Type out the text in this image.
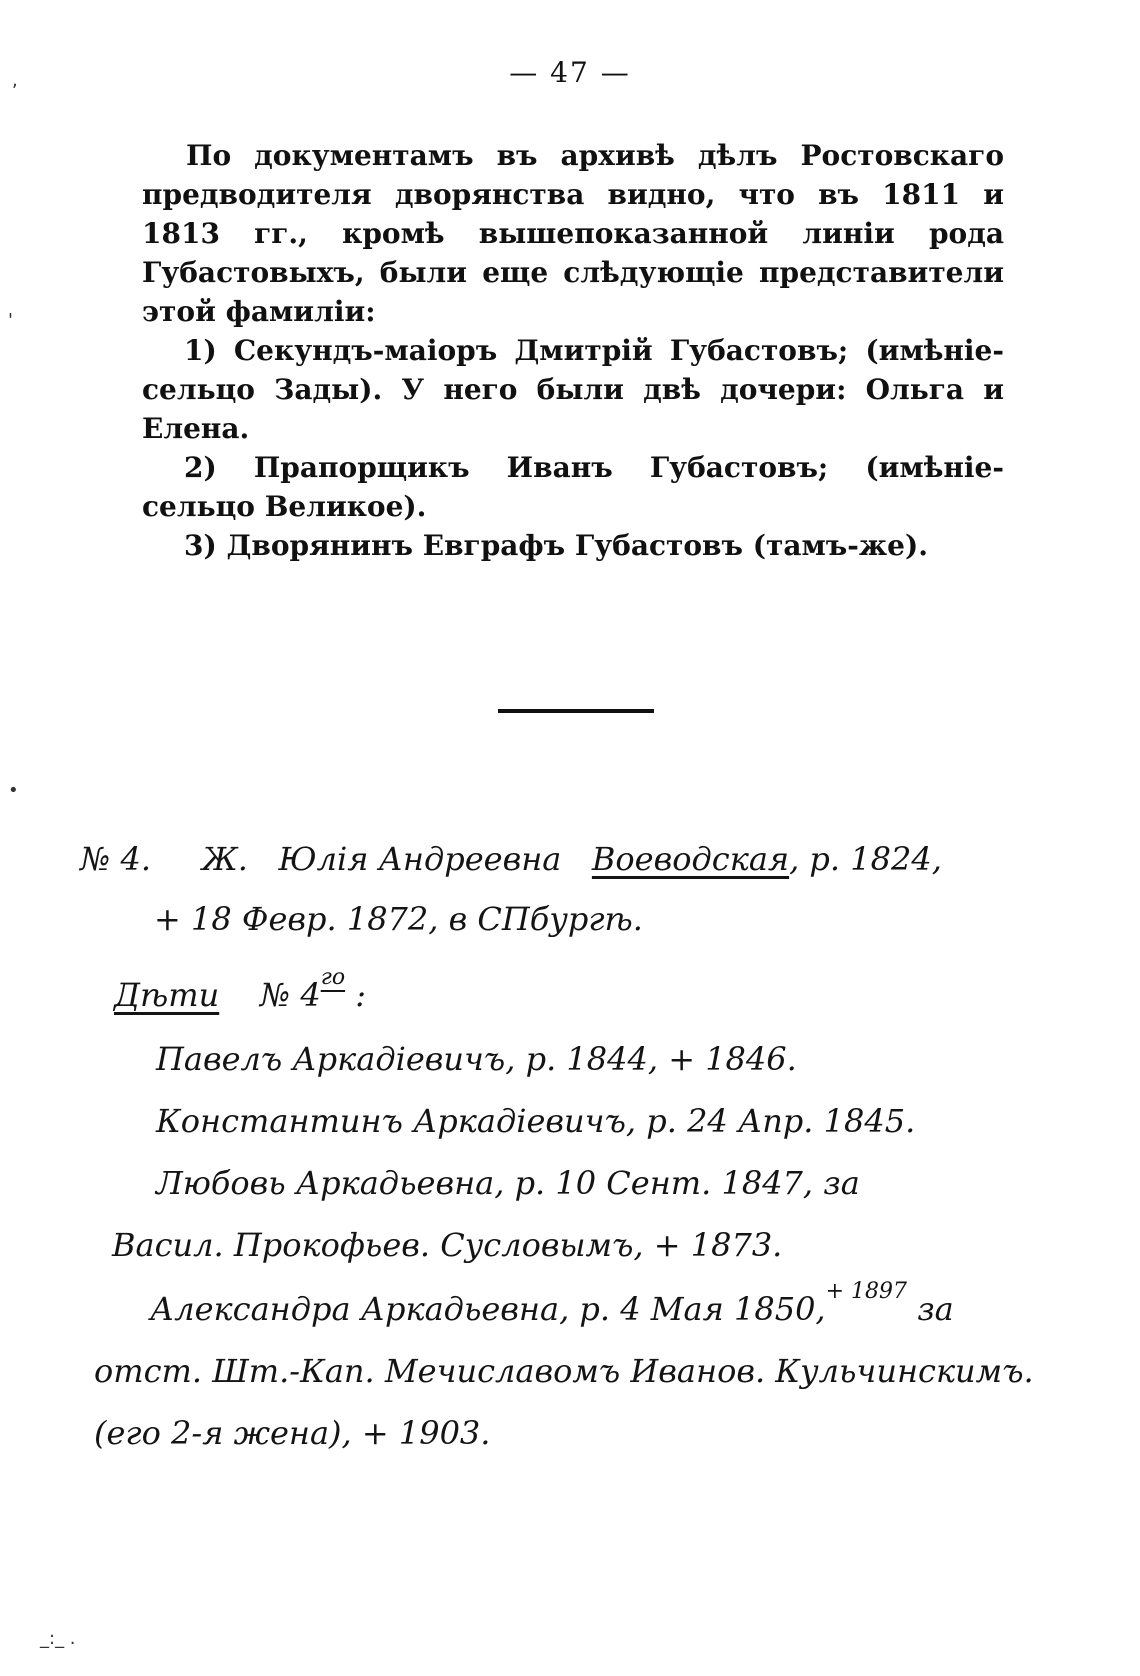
— 47 —

По документамъ въ архивѣ дѣлъ Ростовскаго предводителя дворянства видно, что въ 1811 и 1813 гг., кромѣ вышепоказанной линіи рода Губастовыхъ, были еще слѣдующіе представители этой фамиліи:

1) Секундъ-маіоръ Дмитрій Губастовъ; (имѣніе-сельцо Зады). У него были двѣ дочери: Ольга и Елена.

2) Прапорщикъ Иванъ Губастовъ; (имѣніе-сельцо Великое).

3) Дворянинъ Евграфъ Губастовъ (тамъ-же).

№ 4. Ж. Юлія Андреевна Воеводская, р. 1824,
+ 18 Февр. 1872, в СПбургѣ.
Дѣти № $4^{го}$ :
Павелъ Аркадіевичъ, р. 1844, + 1846.
Константинъ Аркадіевичъ, р. 24 Апр. 1845.
Любовь Аркадьевна, р. 10 Сент. 1847, за
Васил. Прокофьев. Сусловымъ, + 1873.
Александра Аркадьевна, р. 4 Мая 1850,$^{+ 1897}$ за
отст. Шт.-Кап. Мечиславомъ Иванов. Кульчинскимъ.
(его 2-я жена), + 1903.
,
'
•
_:_ .
